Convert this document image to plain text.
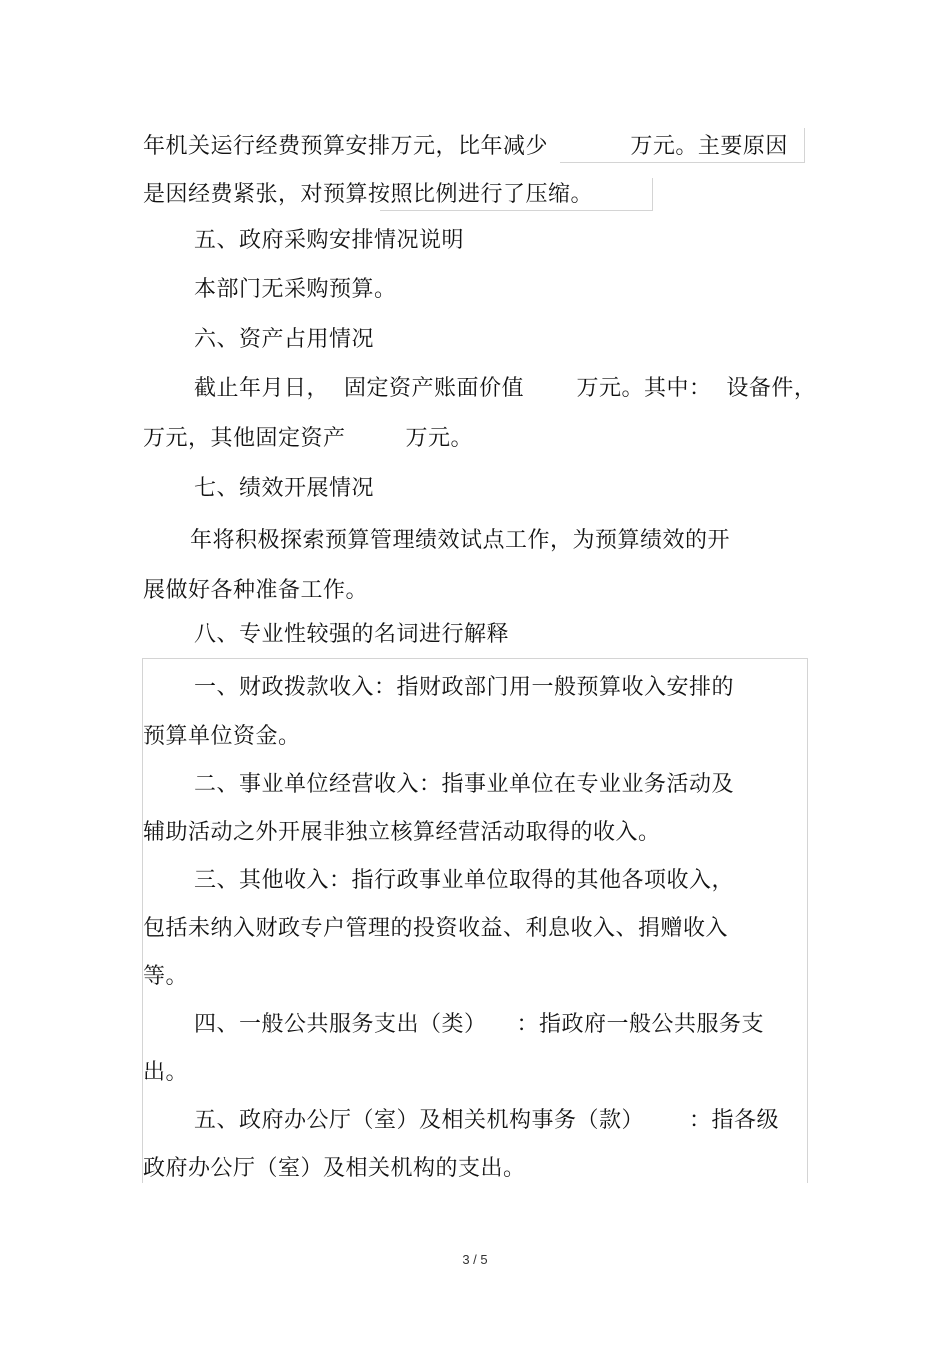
年机关运行经费预算安排万元，比年减少           万元。主要原因
是因经费紧张，对预算按照比例进行了压缩。
五、政府采购安排情况说明
本部门无采购预算。
六、资产占用情况
截止年月日，  固定资产账面价值       万元。其中：  设备件，
万元，其他固定资产        万元。
七、绩效开展情况
年将积极探索预算管理绩效试点工作，为预算绩效的开
展做好各种准备工作。
八、专业性较强的名词进行解释
一、财政拨款收入：指财政部门用一般预算收入安排的
预算单位资金。
二、事业单位经营收入：指事业单位在专业业务活动及
辅助活动之外开展非独立核算经营活动取得的收入。
三、其他收入：指行政事业单位取得的其他各项收入，
包括未纳入财政专户管理的投资收益、利息收入、捐赠收入
等。
四、一般公共服务支出（类）    ：指政府一般公共服务支
出。
五、政府办公厅（室）及相关机构事务（款）      ：指各级
政府办公厅（室）及相关机构的支出。
3 / 5
